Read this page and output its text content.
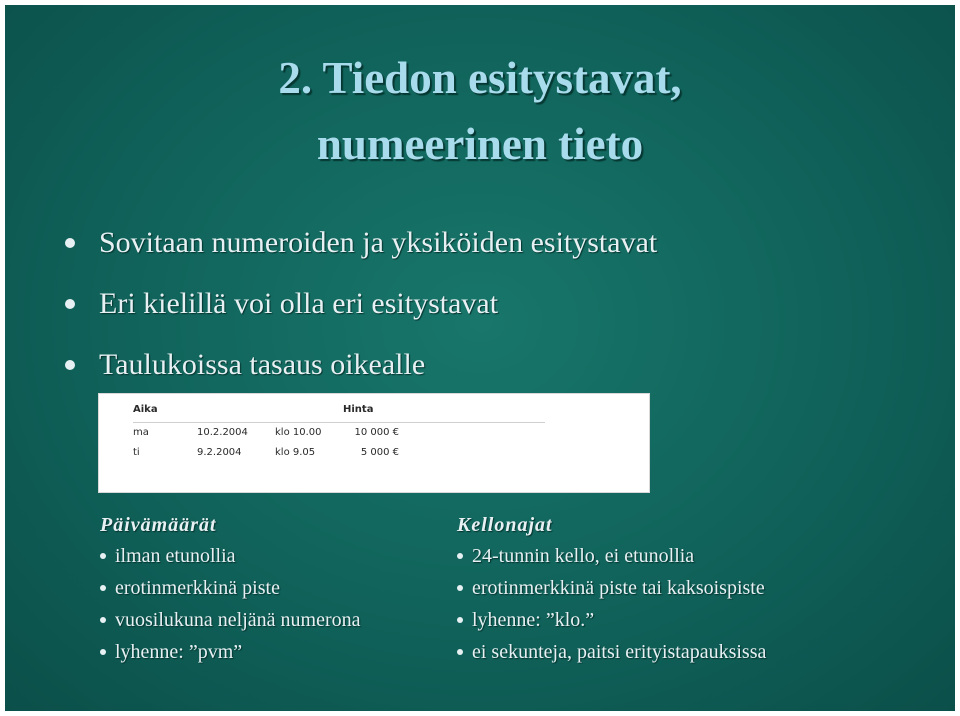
2. Tiedon esitystavat,
numeerinen tieto
Sovitaan numeroiden ja yksiköiden esitystavat
Eri kielillä voi olla eri esitystavat
Taulukoissa tasaus oikealle
Aika	Hinta
ma	10.2.2004	klo 10.00	10 000 €
ti	9.2.2004	klo 9.05	5 000 €
Päivämäärät
ilman etunollia
erotinmerkkinä piste
vuosilukuna neljänä numerona
lyhenne: ”pvm”
Kellonajat
24-tunnin kello, ei etunollia
erotinmerkkinä piste tai kaksoispiste
lyhenne: ”klo.”
ei sekunteja, paitsi erityistapauksissa
